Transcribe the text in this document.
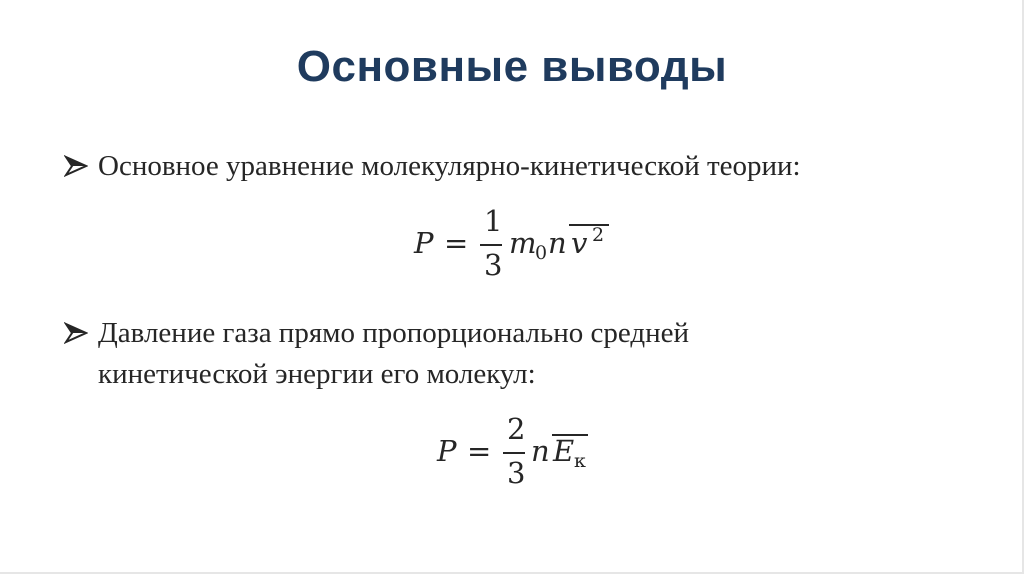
Основные выводы
Основное уравнение молекулярно-кинетической теории:
P =
1
3
m
0 n v 2
Давление газа прямо пропорционально средней
кинетической энергии его молекул:
P =
2
3
n E к
